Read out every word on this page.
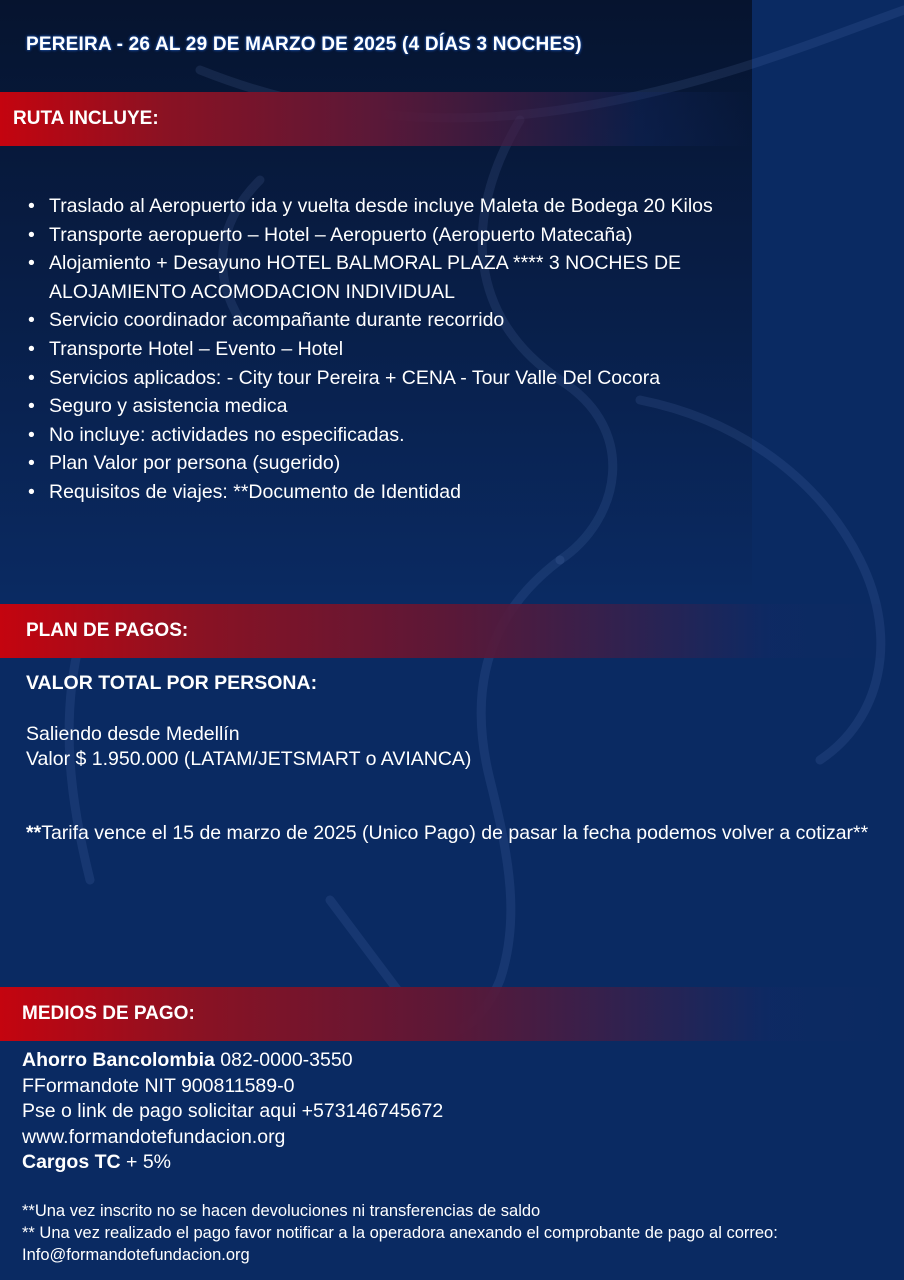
PEREIRA - 26 AL 29 DE MARZO DE 2025 (4 DÍAS 3 NOCHES)
RUTA INCLUYE:
• Traslado al Aeropuerto ida y vuelta desde incluye Maleta de Bodega 20 Kilos
• Transporte aeropuerto – Hotel – Aeropuerto (Aeropuerto Matecaña)
• Alojamiento + Desayuno HOTEL BALMORAL PLAZA **** 3 NOCHES DE ALOJAMIENTO ACOMODACION INDIVIDUAL
• Servicio coordinador acompañante durante recorrido
• Transporte Hotel – Evento – Hotel
• Servicios aplicados: - City tour Pereira + CENA - Tour Valle Del Cocora
• Seguro y asistencia medica
• No incluye: actividades no especificadas.
• Plan Valor por persona (sugerido)
• Requisitos de viajes: **Documento de Identidad
PLAN DE PAGOS:
VALOR TOTAL POR PERSONA:
Saliendo desde Medellín
Valor $ 1.950.000 (LATAM/JETSMART o AVIANCA)
**Tarifa vence el 15 de marzo de 2025 (Unico Pago) de pasar la fecha podemos volver a cotizar**
MEDIOS DE PAGO:
Ahorro Bancolombia 082-0000-3550
FFormandote NIT 900811589-0
Pse o link de pago solicitar aqui +573146745672
www.formandotefundacion.org
Cargos TC + 5%
**Una vez inscrito no se hacen devoluciones ni transferencias de saldo
** Una vez realizado el pago favor notificar a la operadora anexando el comprobante de pago al correo: Info@formandotefundacion.org
